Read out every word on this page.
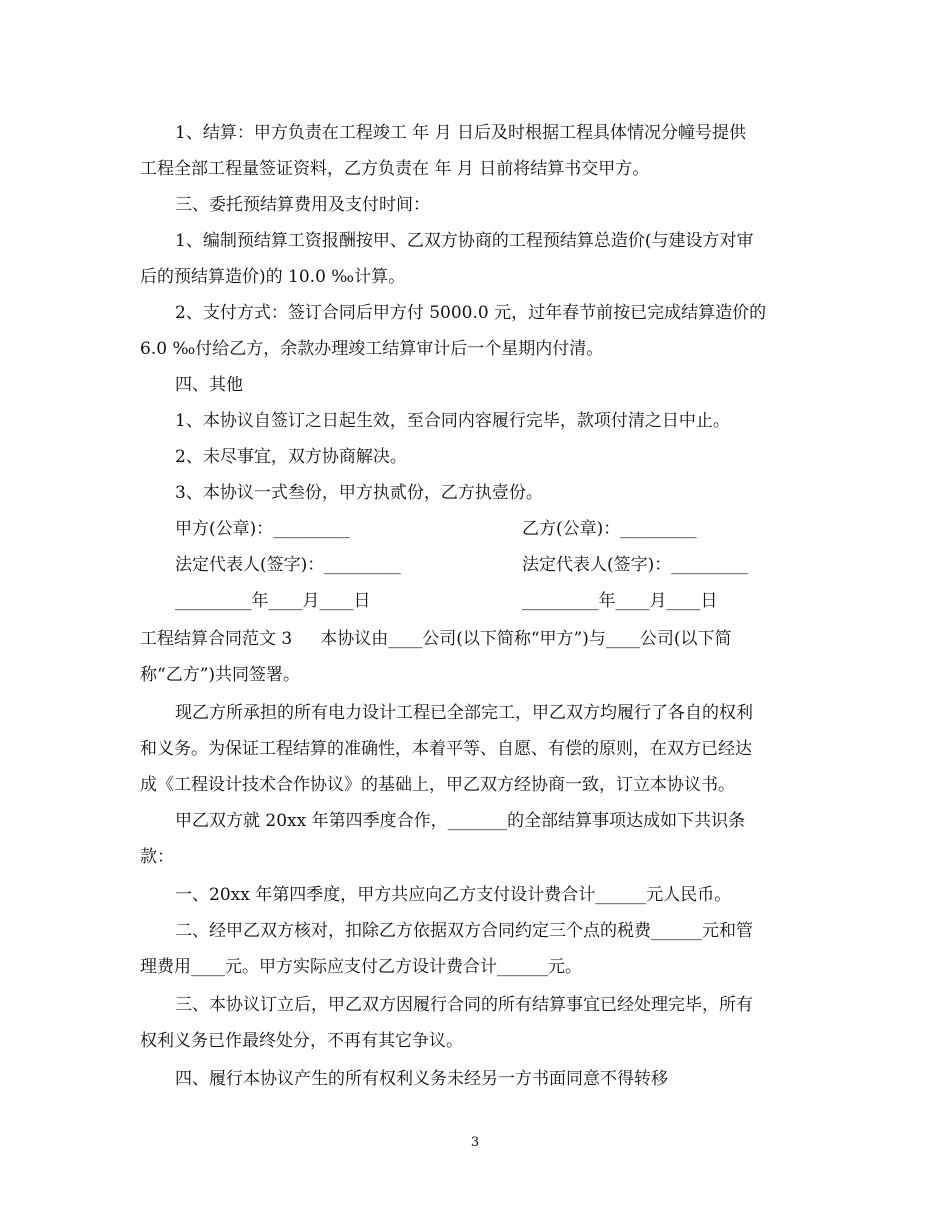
1、结算：甲方负责在工程竣工 年 月 日后及时根据工程具体情况分幢号提供
工程全部工程量签证资料，乙方负责在 年 月 日前将结算书交甲方。
三、委托预结算费用及支付时间：
1、编制预结算工资报酬按甲、乙双方协商的工程预结算总造价(与建设方对审
后的预结算造价)的 10.0 ‰计算。
2、支付方式：签订合同后甲方付 5000.0 元，过年春节前按已完成结算造价的
6.0 ‰付给乙方，余款办理竣工结算审计后一个星期内付清。
四、其他
1、本协议自签订之日起生效，至合同内容履行完毕，款项付清之日中止。
2、未尽事宜，双方协商解决。
3、本协议一式叁份，甲方执贰份，乙方执壹份。
甲方(公章)：_________	乙方(公章)：_________
法定代表人(签字)：_________	法定代表人(签字)：_________
_________年____月____日	_________年____月____日
工程结算合同范文 3 本协议由____公司(以下简称“甲方”)与____公司(以下简
称“乙方”)共同签署。
现乙方所承担的所有电力设计工程已全部完工，甲乙双方均履行了各自的权利
和义务。为保证工程结算的准确性，本着平等、自愿、有偿的原则，在双方已经达
成《工程设计技术合作协议》的基础上，甲乙双方经协商一致，订立本协议书。
甲乙双方就 20xx 年第四季度合作，_______的全部结算事项达成如下共识条
款：
一、20xx 年第四季度，甲方共应向乙方支付设计费合计______元人民币。
二、经甲乙双方核对，扣除乙方依据双方合同约定三个点的税费______元和管
理费用____元。甲方实际应支付乙方设计费合计______元。
三、本协议订立后，甲乙双方因履行合同的所有结算事宜已经处理完毕，所有
权利义务已作最终处分，不再有其它争议。
四、履行本协议产生的所有权利义务未经另一方书面同意不得转移
3
